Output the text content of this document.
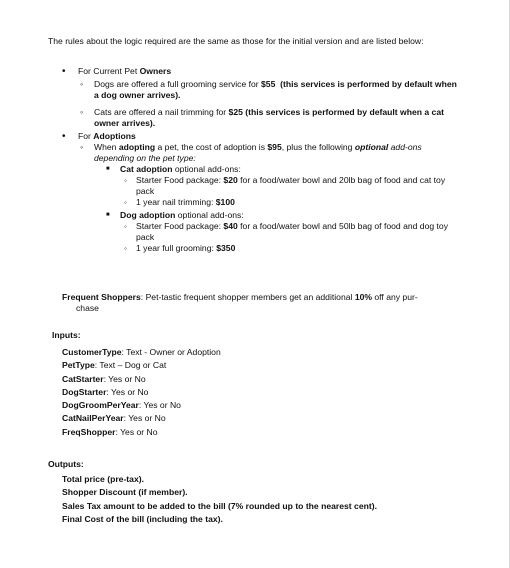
The rules about the logic required are the same as those for the initial version and are listed below:
• For Current Pet Owners
◦ Dogs are offered a full grooming service for $55 (this services is performed by default when a dog owner arrives).
◦ Cats are offered a nail trimming for $25 (this services is performed by default when a cat owner arrives).
• For Adoptions
◦ When adopting a pet, the cost of adoption is $95, plus the following optional add-ons depending on the pet type:
■ Cat adoption optional add-ons:
◦ Starter Food package: $20 for a food/water bowl and 20lb bag of food and cat toy pack
◦ 1 year nail trimming: $100
■ Dog adoption optional add-ons:
◦ Starter Food package: $40 for a food/water bowl and 50lb bag of food and dog toy pack
◦ 1 year full grooming: $350
Frequent Shoppers: Pet-tastic frequent shopper members get an additional 10% off any pur-
chase
Inputs:
CustomerType: Text - Owner or Adoption
PetType: Text – Dog or Cat
CatStarter: Yes or No
DogStarter: Yes or No
DogGroomPerYear: Yes or No
CatNailPerYear: Yes or No
FreqShopper: Yes or No
Outputs:
Total price (pre-tax).
Shopper Discount (if member).
Sales Tax amount to be added to the bill (7% rounded up to the nearest cent).
Final Cost of the bill (including the tax).
